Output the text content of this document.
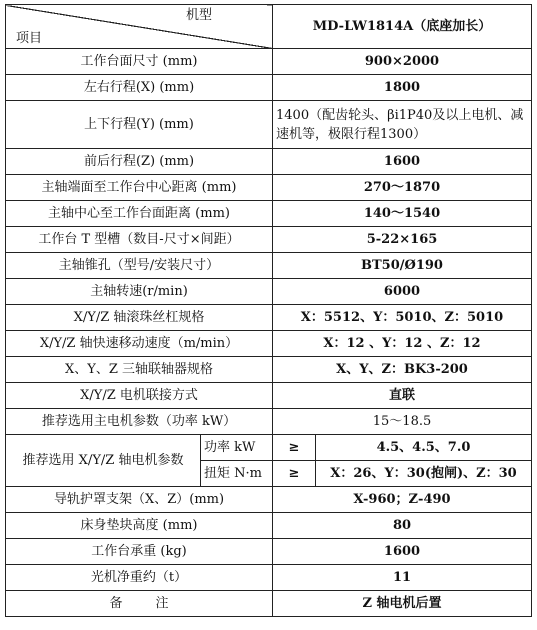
机型
项目		MD-LW1814A（底座加长）	
工作台面尺寸 (mm)		900×2000	
左右行程(X) (mm)		1800	
上下行程(Y) (mm)		1400（配齿轮头、βi1P40及以上电机、减速机等，极限行程1300）	
前后行程(Z) (mm)		1600	
主轴端面至工作台中心距离 (mm)		270～1870	
主轴中心至工作台面距离 (mm)		140～1540	
工作台 T 型槽（数目-尺寸×间距）		5-22×165	
主轴锥孔（型号/安装尺寸）		BT50/Ø190	
主轴转速(r/min)		6000	
X/Y/Z 轴滚珠丝杠规格		X：5512、Y：5010、Z：5010	
X/Y/Z 轴快速移动速度（m/min）		X：12 、Y：12 、Z：12	
X、Y、Z 三轴联轴器规格		X、Y、Z：BK3-200	
X/Y/Z 电机联接方式		直联	
推荐选用主电机参数（功率 kW）		15～18.5	
推荐选用 X/Y/Z 轴电机参数	功率 kW	≥	4.5、4.5、7.0
	扭矩 N·m	≥	X：26、Y：30(抱闸)、Z：30
导轨护罩支架（X、Z）(mm)		X-960；Z-490	
床身垫块高度 (mm)		80	
工作台承重 (kg)		1600	
光机净重约（t）		11	
备        注		Z 轴电机后置	
